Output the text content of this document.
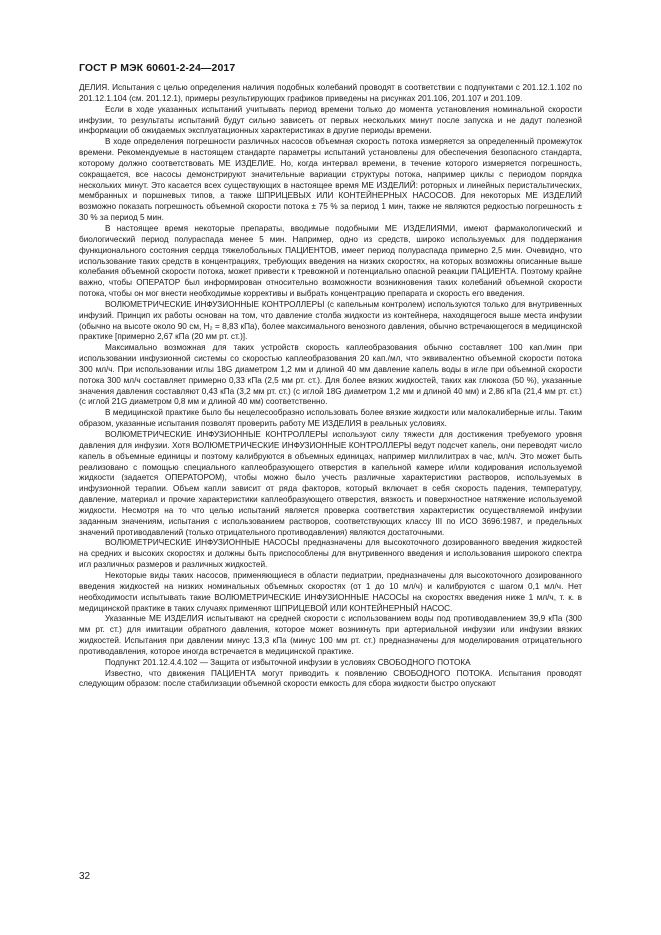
ГОСТ Р МЭК 60601-2-24—2017

ДЕЛИЯ. Испытания с целью определения наличия подобных колебаний проводят в соответствии с подпунктами с 201.12.1.102 по 201.12.1.104 (см. 201.12.1), примеры результирующих графиков приведены на рисунках 201.106, 201.107 и 201.109.

Если в ходе указанных испытаний учитывать период времени только до момента установления номинальной скорости инфузии, то результаты испытаний будут сильно зависеть от первых нескольких минут после запуска и не дадут полезной информации об ожидаемых эксплуатационных характеристиках в другие периоды времени.

В ходе определения погрешности различных насосов объемная скорость потока измеряется за определенный промежуток времени. Рекомендуемые в настоящем стандарте параметры испытаний установлены для обеспечения безопасного стандарта, которому должно соответствовать МЕ ИЗДЕЛИЕ. Но, когда интервал времени, в течение которого измеряется погрешность, сокращается, все насосы демонстрируют значительные вариации структуры потока, например циклы с периодом порядка нескольких минут. Это касается всех существующих в настоящее время МЕ ИЗДЕЛИЙ: роторных и линейных перистальтических, мембранных и поршневых типов, а также ШПРИЦЕВЫХ ИЛИ КОНТЕЙНЕРНЫХ НАСОСОВ. Для некоторых МЕ ИЗДЕЛИЙ возможно показать погрешность объемной скорости потока ± 75 % за период 1 мин, также не являются редкостью погрешность ± 30 % за период 5 мин.

В настоящее время некоторые препараты, вводимые подобными МЕ ИЗДЕЛИЯМИ, имеют фармакологический и биологический период полураспада менее 5 мин. Например, одно из средств, широко используемых для поддержания функционального состояния сердца тяжелобольных ПАЦИЕНТОВ, имеет период полураспада примерно 2,5 мин. Очевидно, что использование таких средств в концентрациях, требующих введения на низких скоростях, на которых возможны описанные выше колебания объемной скорости потока, может привести к тревожной и потенциально опасной реакции ПАЦИЕНТА. Поэтому крайне важно, чтобы ОПЕРАТОР был информирован относительно возможности возникновения таких колебаний объемной скорости потока, чтобы он мог внести необходимые коррективы и выбрать концентрацию препарата и скорость его введения.

ВОЛЮМЕТРИЧЕСКИЕ ИНФУЗИОННЫЕ КОНТРОЛЛЕРЫ (с капельным контролем) используются только для внутривенных инфузий. Принцип их работы основан на том, что давление столба жидкости из контейнера, находящегося выше места инфузии (обычно на высоте около 90 см, H₂ = 8,83 кПа), более максимального венозного давления, обычно встречающегося в медицинской практике [примерно 2,67 кПа (20 мм рт. ст.)].

Максимально возможная для таких устройств скорость каплеобразования обычно составляет 100 кап./мин при использовании инфузионной системы со скоростью каплеобразования 20 кап./мл, что эквивалентно объемной скорости потока 300 мл/ч. При использовании иглы 18G диаметром 1,2 мм и длиной 40 мм давление капель воды в игле при объемной скорости потока 300 мл/ч составляет примерно 0,33 кПа (2,5 мм рт. ст.). Для более вязких жидкостей, таких как глюкоза (50 %), указанные значения давления составляют 0,43 кПа (3,2 мм рт. ст.) (с иглой 18G диаметром 1,2 мм и длиной 40 мм) и 2,86 кПа (21,4 мм рт. ст.) (с иглой 21G диаметром 0,8 мм и длиной 40 мм) соответственно.

В медицинской практике было бы нецелесообразно использовать более вязкие жидкости или малокалиберные иглы. Таким образом, указанные испытания позволят проверить работу МЕ ИЗДЕЛИЯ в реальных условиях.

ВОЛЮМЕТРИЧЕСКИЕ ИНФУЗИОННЫЕ КОНТРОЛЛЕРЫ используют силу тяжести для достижения требуемого уровня давления для инфузии. Хотя ВОЛЮМЕТРИЧЕСКИЕ ИНФУЗИОННЫЕ КОНТРОЛЛЕРЫ ведут подсчет капель, они переводят число капель в объемные единицы и поэтому калибруются в объемных единицах, например миллилитрах в час, мл/ч. Это может быть реализовано с помощью специального каплеобразующего отверстия в капельной камере и/или кодирования используемой жидкости (задается ОПЕРАТОРОМ), чтобы можно было учесть различные характеристики растворов, используемых в инфузионной терапии. Объем капли зависит от ряда факторов, который включает в себя скорость падения, температуру, давление, материал и прочие характеристики каплеобразующего отверстия, вязкость и поверхностное натяжение используемой жидкости. Несмотря на то что целью испытаний является проверка соответствия характеристик осуществляемой инфузии заданным значениям, испытания с использованием растворов, соответствующих классу III по ИСО 3696:1987, и предельных значений противодавлений (только отрицательного противодавления) являются достаточными.

ВОЛЮМЕТРИЧЕСКИЕ ИНФУЗИОННЫЕ НАСОСЫ предназначены для высокоточного дозированного введения жидкостей на средних и высоких скоростях и должны быть приспособлены для внутривенного введения и использования широкого спектра игл различных размеров и различных жидкостей.

Некоторые виды таких насосов, применяющиеся в области педиатрии, предназначены для высокоточного дозированного введения жидкостей на низких номинальных объемных скоростях (от 1 до 10 мл/ч) и калибруются с шагом 0,1 мл/ч. Нет необходимости испытывать такие ВОЛЮМЕТРИЧЕСКИЕ ИНФУЗИОННЫЕ НАСОСЫ на скоростях введения ниже 1 мл/ч, т. к. в медицинской практике в таких случаях применяют ШПРИЦЕВОЙ ИЛИ КОНТЕЙНЕРНЫЙ НАСОС.

Указанные МЕ ИЗДЕЛИЯ испытывают на средней скорости с использованием воды под противодавлением 39,9 кПа (300 мм рт. ст.) для имитации обратного давления, которое может возникнуть при артериальной инфузии или инфузии вязких жидкостей. Испытания при давлении минус 13,3 кПа (минус 100 мм рт. ст.) предназначены для моделирования отрицательного противодавления, которое иногда встречается в медицинской практике.

Подпункт 201.12.4.4.102 — Защита от избыточной инфузии в условиях СВОБОДНОГО ПОТОКА

Известно, что движения ПАЦИЕНТА могут приводить к появлению СВОБОДНОГО ПОТОКА. Испытания проводят следующим образом: после стабилизации объемной скорости емкость для сбора жидкости быстро опускают

32
